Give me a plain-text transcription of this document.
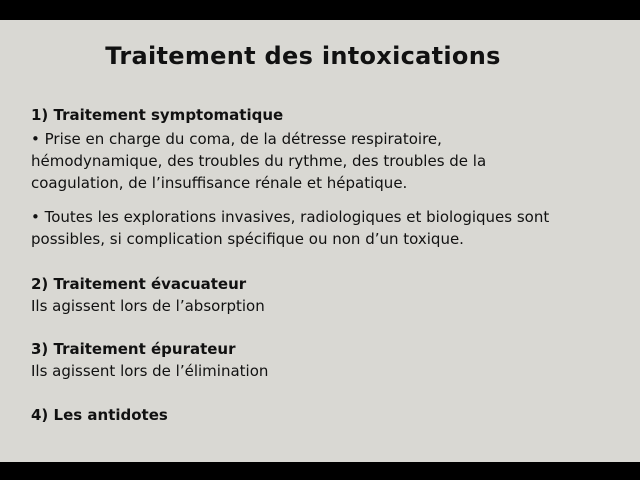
Traitement des intoxications
1) Traitement symptomatique
• Prise en charge du coma, de la détresse respiratoire,
hémodynamique, des troubles du rythme, des troubles de la
coagulation, de l’insuffisance rénale et hépatique.
• Toutes les explorations invasives, radiologiques et biologiques sont
possibles, si complication spécifique ou non d’un toxique.
2) Traitement évacuateur
Ils agissent lors de l’absorption
3) Traitement épurateur
Ils agissent lors de l’élimination
4) Les antidotes
